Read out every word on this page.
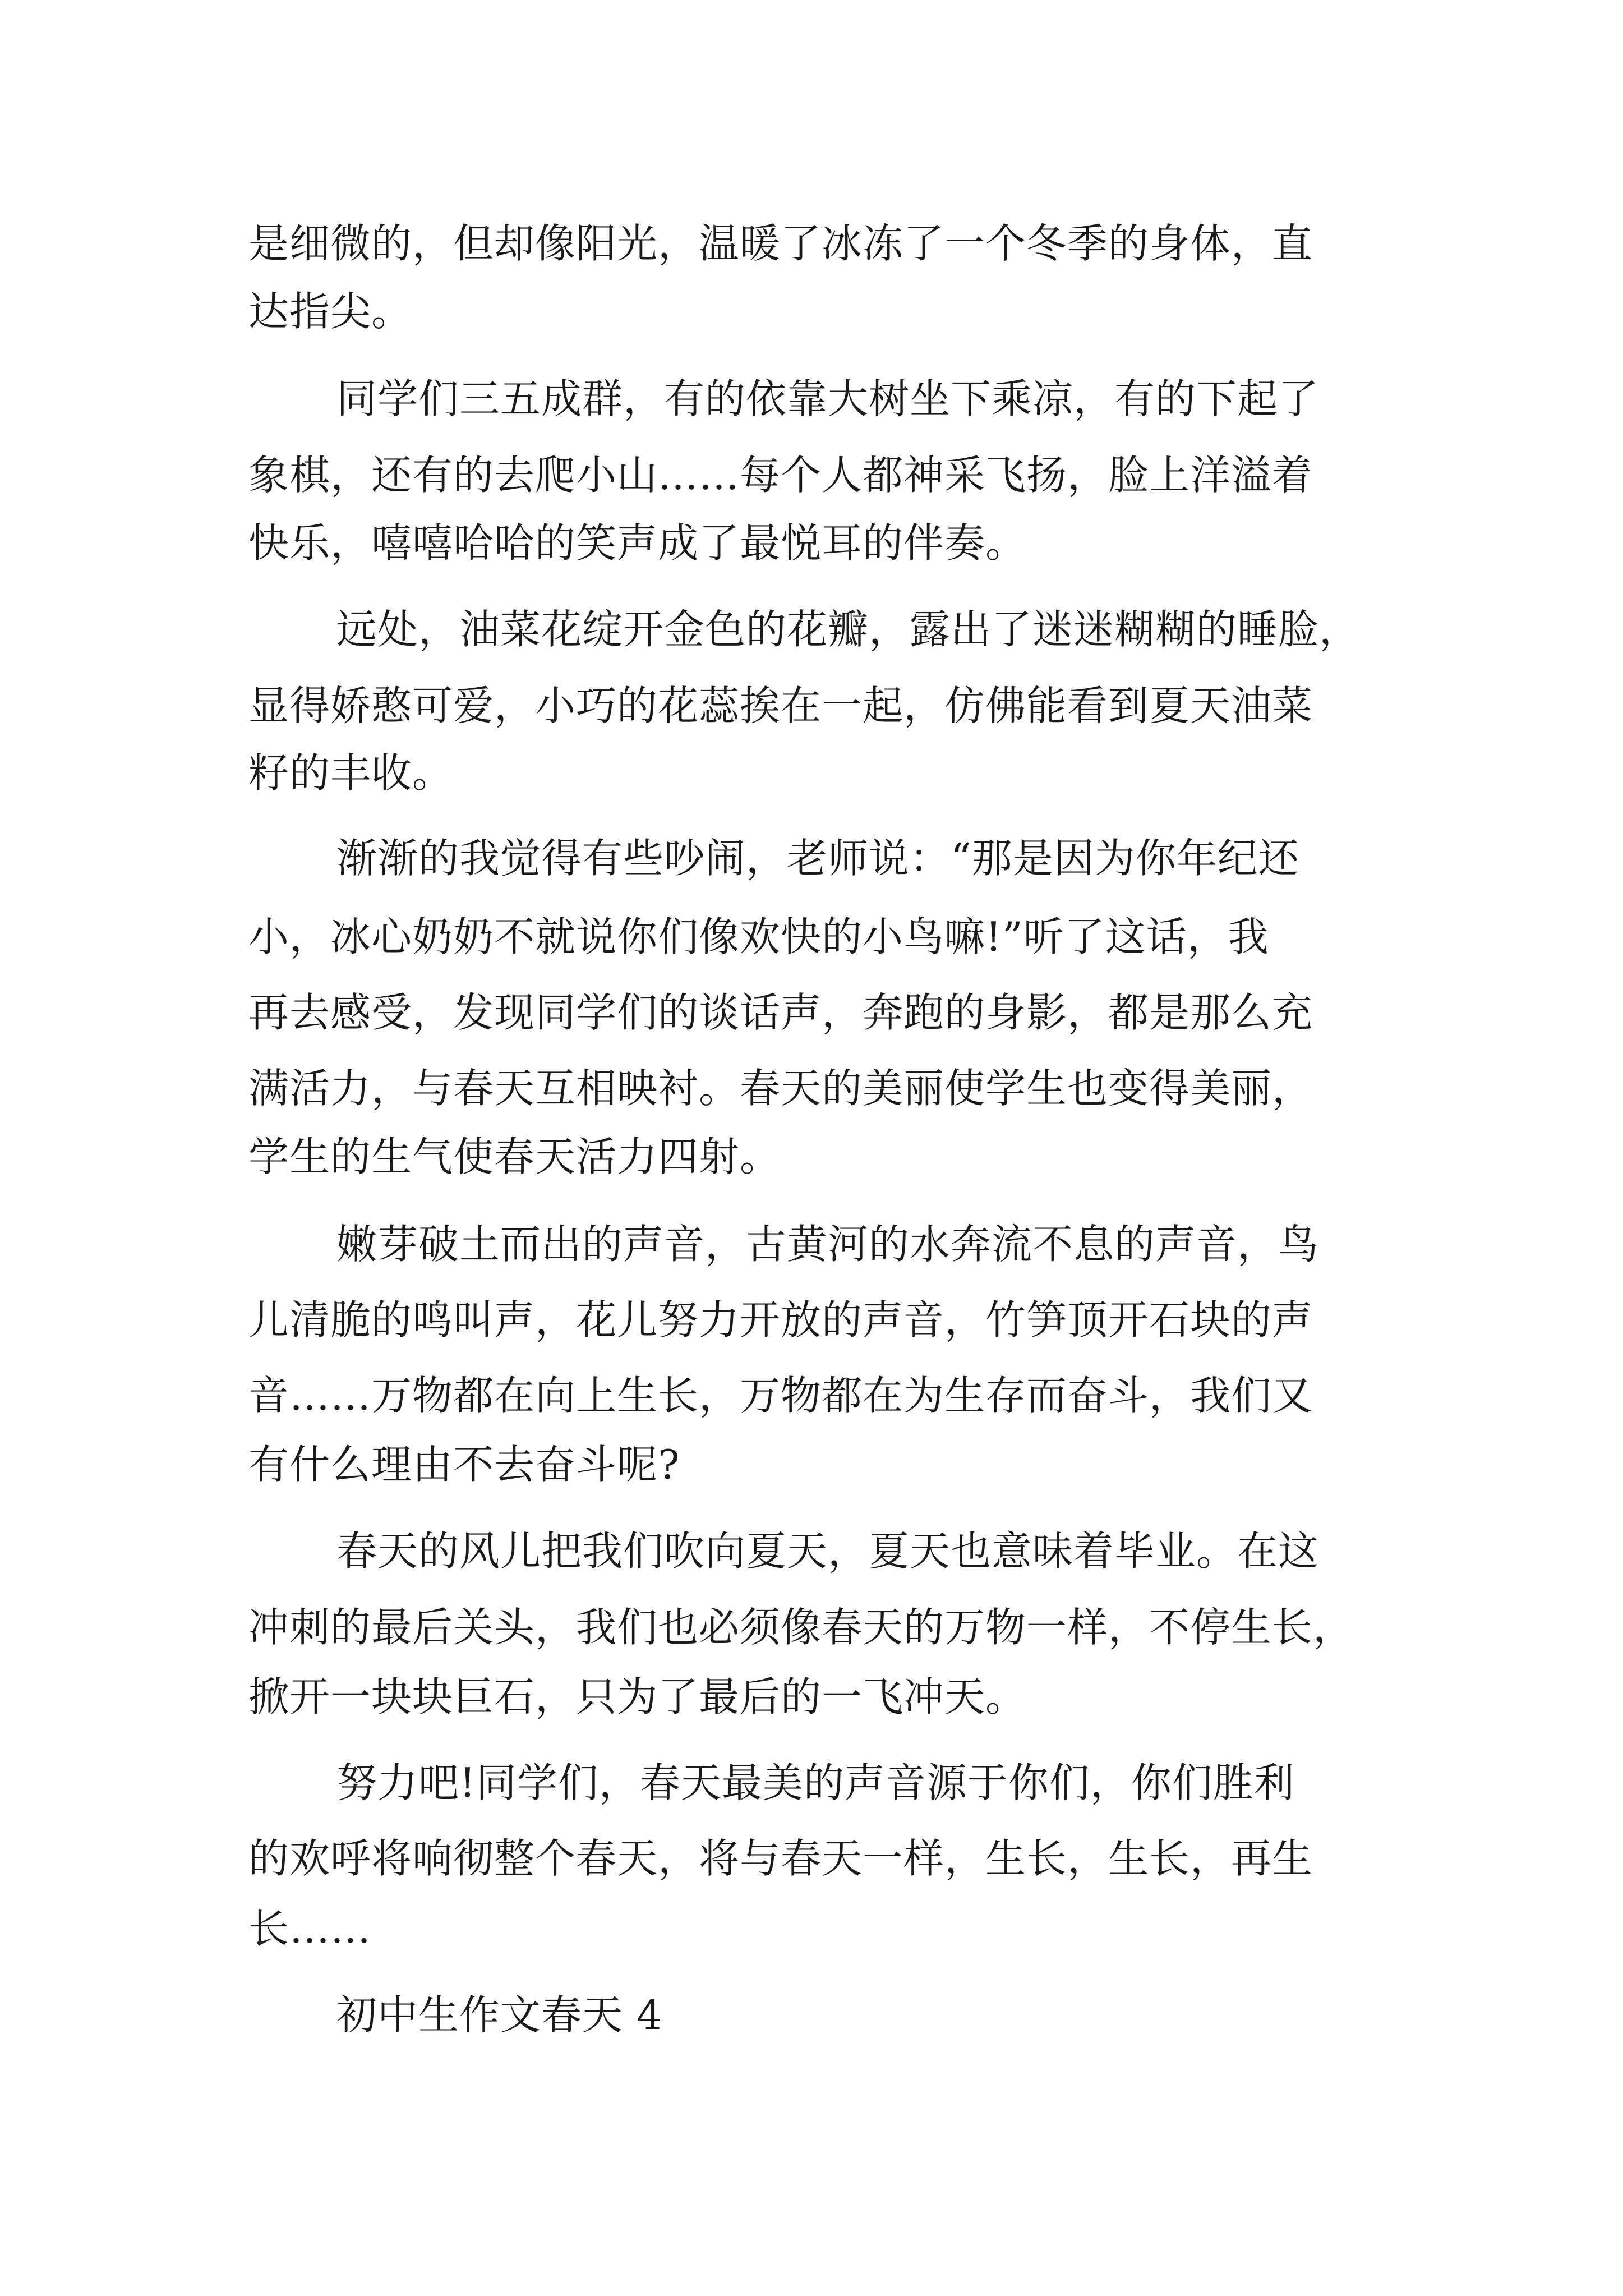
是细微的，但却像阳光，温暖了冰冻了一个冬季的身体，直
达指尖。
同学们三五成群，有的依靠大树坐下乘凉，有的下起了
象棋，还有的去爬小山……每个人都神采飞扬，脸上洋溢着
快乐，嘻嘻哈哈的笑声成了最悦耳的伴奏。
远处，油菜花绽开金色的花瓣，露出了迷迷糊糊的睡脸，
显得娇憨可爱，小巧的花蕊挨在一起，仿佛能看到夏天油菜
籽的丰收。
渐渐的我觉得有些吵闹，老师说：“那是因为你年纪还
小，冰心奶奶不就说你们像欢快的小鸟嘛!”听了这话，我
再去感受，发现同学们的谈话声，奔跑的身影，都是那么充
满活力，与春天互相映衬。春天的美丽使学生也变得美丽，
学生的生气使春天活力四射。
嫩芽破土而出的声音，古黄河的水奔流不息的声音，鸟
儿清脆的鸣叫声，花儿努力开放的声音，竹笋顶开石块的声
音……万物都在向上生长，万物都在为生存而奋斗，我们又
有什么理由不去奋斗呢?
春天的风儿把我们吹向夏天，夏天也意味着毕业。在这
冲刺的最后关头，我们也必须像春天的万物一样，不停生长，
掀开一块块巨石，只为了最后的一飞冲天。
努力吧!同学们，春天最美的声音源于你们，你们胜利
的欢呼将响彻整个春天，将与春天一样，生长，生长，再生
长……
初中生作文春天 4
